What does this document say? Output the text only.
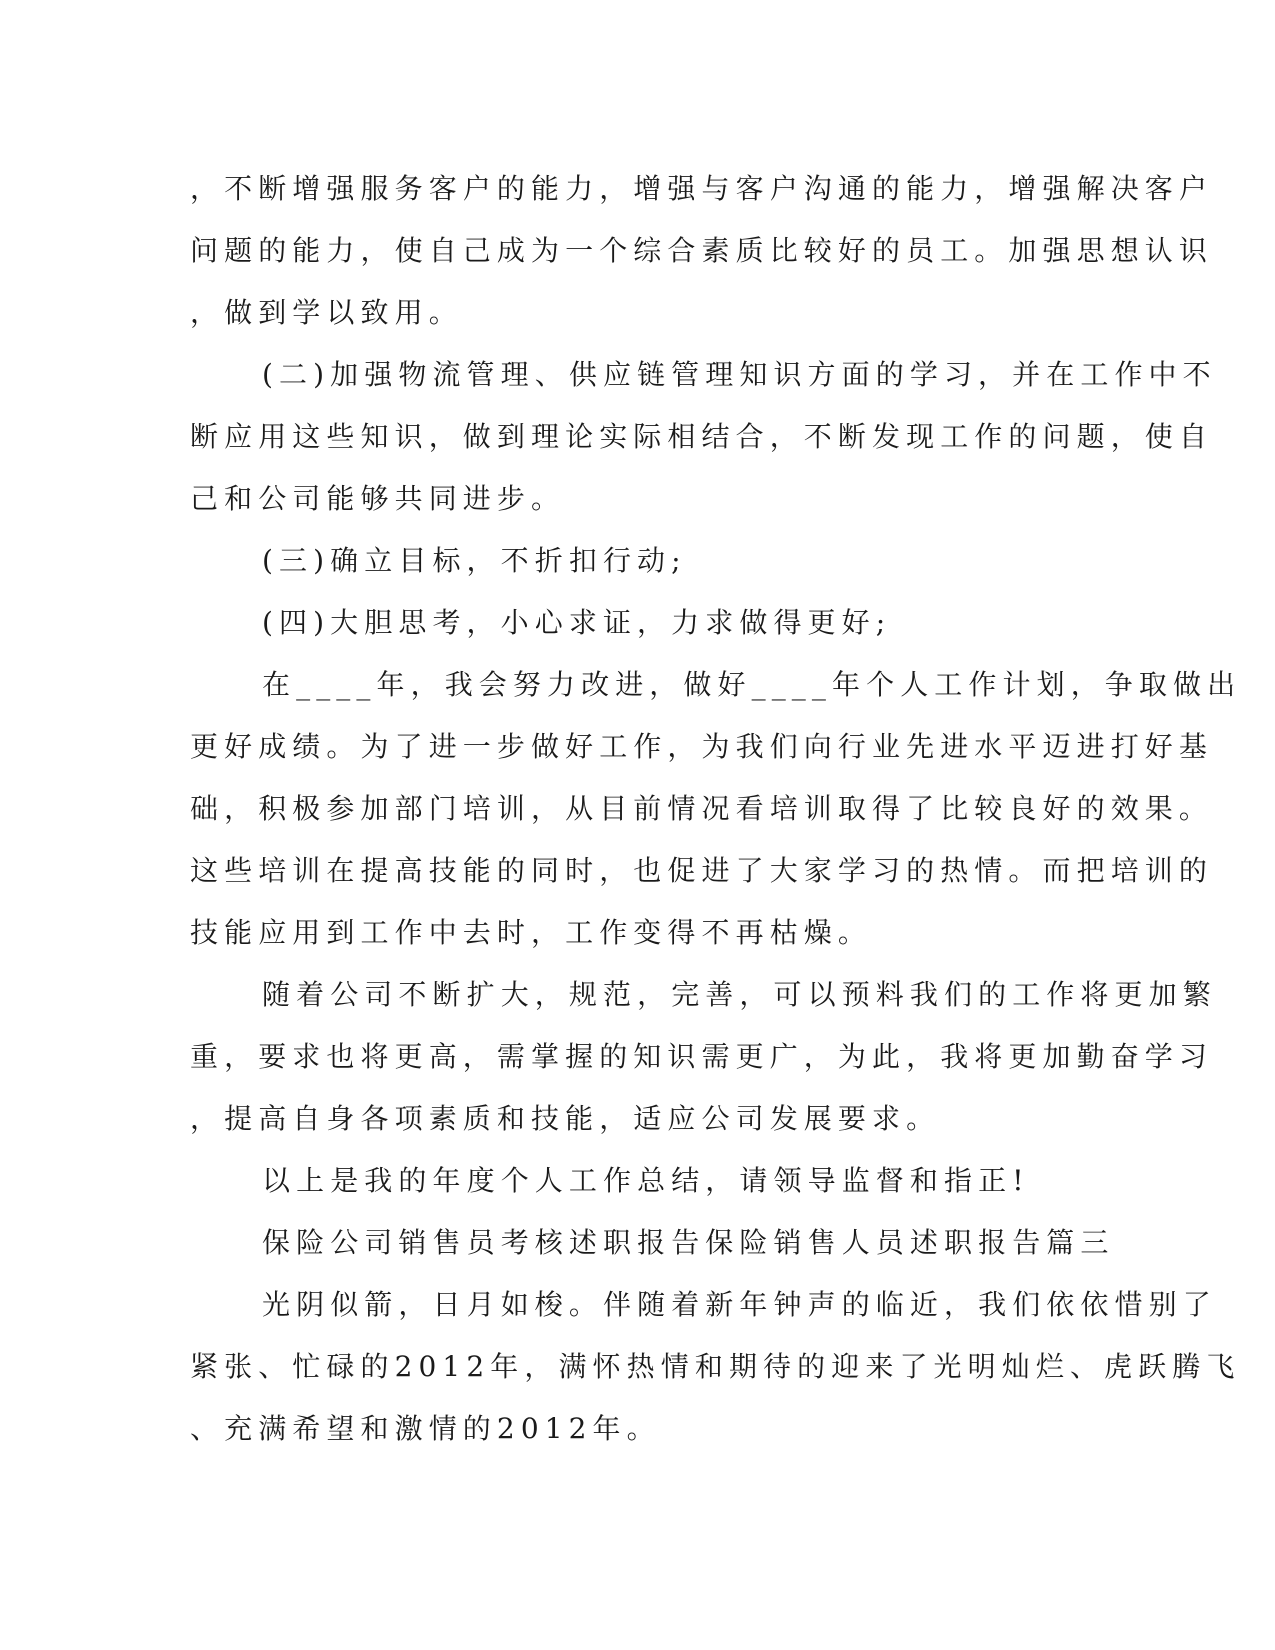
，不断增强服务客户的能力，增强与客户沟通的能力，增强解决客户
问题的能力，使自己成为一个综合素质比较好的员工。加强思想认识
，做到学以致用。
(二)加强物流管理、供应链管理知识方面的学习，并在工作中不
断应用这些知识，做到理论实际相结合，不断发现工作的问题，使自
己和公司能够共同进步。
(三)确立目标，不折扣行动;
(四)大胆思考，小心求证，力求做得更好;
在____年，我会努力改进，做好____年个人工作计划，争取做出
更好成绩。为了进一步做好工作，为我们向行业先进水平迈进打好基
础，积极参加部门培训，从目前情况看培训取得了比较良好的效果。
这些培训在提高技能的同时，也促进了大家学习的热情。而把培训的
技能应用到工作中去时，工作变得不再枯燥。
随着公司不断扩大，规范，完善，可以预料我们的工作将更加繁
重，要求也将更高，需掌握的知识需更广，为此，我将更加勤奋学习
，提高自身各项素质和技能，适应公司发展要求。
以上是我的年度个人工作总结，请领导监督和指正!
保险公司销售员考核述职报告保险销售人员述职报告篇三
光阴似箭，日月如梭。伴随着新年钟声的临近，我们依依惜别了
紧张、忙碌的2012年，满怀热情和期待的迎来了光明灿烂、虎跃腾飞
、充满希望和激情的2012年。
